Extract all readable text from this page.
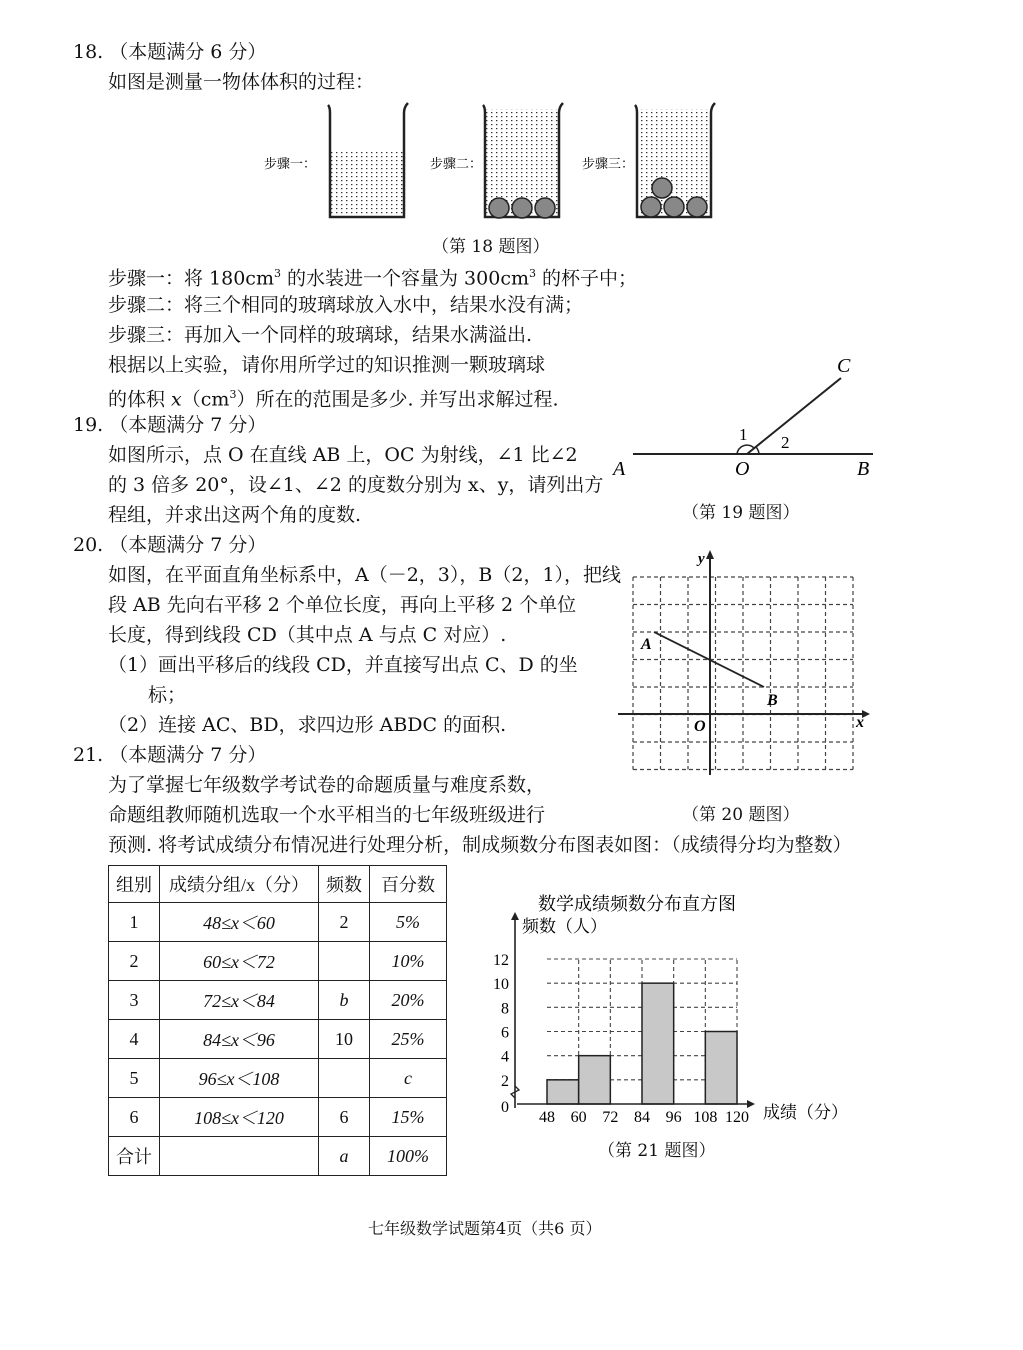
18. （本题满分 6 分）
如图是测量一物体体积的过程：
步骤一：	步骤二：	步骤三：
（第 18 题图）
步骤一：将 $180cm^3$ 的水装进一个容量为 $300cm^3$ 的杯子中；
步骤二：将三个相同的玻璃球放入水中，结果水没有满；
步骤三：再加入一个同样的玻璃球，结果水满溢出.
根据以上实验，请你用所学过的知识推测一颗玻璃球
的体积 $x(cm^3)$所在的范围是多少. 并写出求解过程.
19. （本题满分 7 分）
如图所示，点 O 在直线 AB 上，OC 为射线，∠1 比∠2
的 3 倍多 20°，设∠1、∠2 的度数分别为 x、y，请列出方
程组，并求出这两个角的度数.
A	B
O
C
1 2
（第 19 题图）
20. （本题满分 7 分）
如图，在平面直角坐标系中，A（－2，3），B（2，1），把线
段 AB 先向右平移 2 个单位长度，再向上平移 2 个单位
长度，得到线段 CD（其中点 A 与点 C 对应）.
（1）画出平移后的线段 CD，并直接写出点 C、D 的坐
标；
（2）连接 AC、BD，求四边形 ABDC 的面积.
y
x
O
A
B
（第 20 题图）
21. （本题满分 7 分）
为了掌握七年级数学考试卷的命题质量与难度系数，
命题组教师随机选取一个水平相当的七年级班级进行
预测. 将考试成绩分布情况进行处理分析，制成频数分布图表如图：（成绩得分均为整数）
组别	成绩分组/x（分）	频数	百分数
1	48≤x＜60	2	5%
2	60≤x＜72		10%
3	72≤x＜84	b	20%
4	84≤x＜96	10	25%
5	96≤x＜108		c
6	108≤x＜120	6	15%
合计		a	100%
数学成绩频数分布直方图
频数（人）
成绩（分）
0
2
4
6
8
10
12
48 60 72 84 96 108 120
（第 21 题图）
七年级数学试题第4页（共6 页）
